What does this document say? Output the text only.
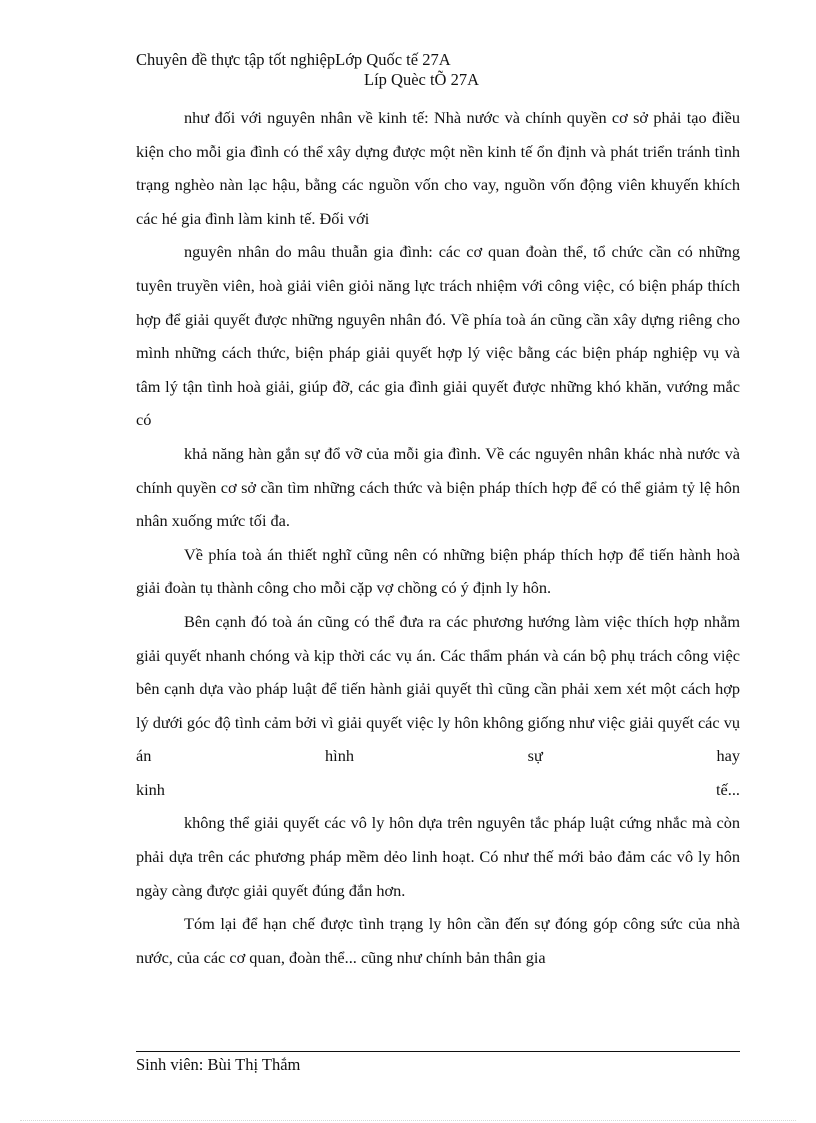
Chuyên đề thực tập tốt nghiệpLớp Quốc tế 27A
Líp Quèc tÕ 27A

như đối với nguyên nhân về kinh tế: Nhà nước và chính quyền cơ sở phải tạo điều kiện cho mỗi gia đình có thể xây dựng được một nền kinh tế ổn định và phát triển tránh tình trạng nghèo nàn lạc hậu, bằng các nguồn vốn cho vay, nguồn vốn động viên khuyến khích các hé gia đình làm kinh tế. Đối với

nguyên nhân do mâu thuẫn gia đình: các cơ quan đoàn thể, tổ chức cần có những tuyên truyền viên, hoà giải viên giỏi năng lực trách nhiệm với công việc, có biện pháp thích hợp để giải quyết được những nguyên nhân đó. Về phía toà án cũng cần xây dựng riêng cho mình những cách thức, biện pháp giải quyết hợp lý việc bằng các biện pháp nghiệp vụ và tâm lý tận tình hoà giải, giúp đỡ, các gia đình giải quyết được những khó khăn, vướng mắc có

khả năng hàn gắn sự đổ vỡ của mỗi gia đình. Về các nguyên nhân khác nhà nước và chính quyền cơ sở cần tìm những cách thức và biện pháp thích hợp để có thể giảm tỷ lệ hôn nhân xuống mức tối đa.

Về phía toà án thiết nghĩ cũng nên có những biện pháp thích hợp để tiến hành hoà giải đoàn tụ thành công cho mỗi cặp vợ chồng có ý định ly hôn.

Bên cạnh đó toà án cũng có thể đưa ra các phương hướng làm việc thích hợp nhằm giải quyết nhanh chóng và kịp thời các vụ án. Các thẩm phán và cán bộ phụ trách công việc bên cạnh dựa vào pháp luật để tiến hành giải quyết thì cũng cần phải xem xét một cách hợp lý dưới góc độ tình cảm bởi vì giải quyết việc ly hôn không giống như việc giải quyết các vụ án hình sự hay

kinh	tế...

không thể giải quyết các vô ly hôn dựa trên nguyên tắc pháp luật cứng nhắc mà còn phải dựa trên các phương pháp mềm dẻo linh hoạt. Có như thế mới bảo đảm các vô ly hôn ngày càng được giải quyết đúng đắn hơn.

Tóm lại để hạn chế được tình trạng ly hôn cần đến sự đóng góp công sức của nhà nước, của các cơ quan, đoàn thể... cũng như chính bản thân gia

Sinh viên: Bùi Thị Thắm
